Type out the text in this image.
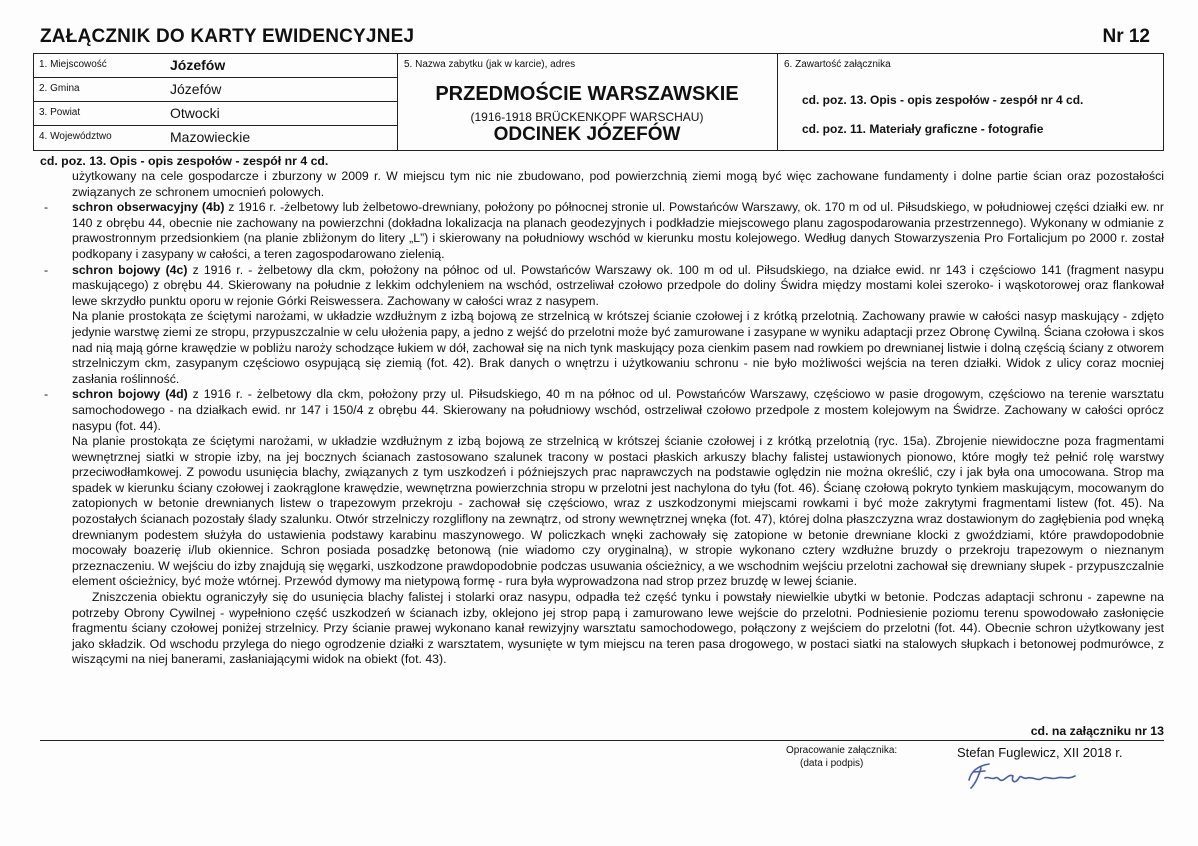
ZAŁĄCZNIK DO KARTY EWIDENCYJNEJ	Nr 12
1. Miejscowość	Józefów
2. Gmina	Józefów
3. Powiat	Otwocki
4. Województwo	Mazowieckie
5. Nazwa zabytku (jak w karcie), adres
PRZEDMOŚCIE WARSZAWSKIE
(1916-1918 BRÜCKENKOPF WARSCHAU)
ODCINEK JÓZEFÓW
6. Zawartość załącznika
cd. poz. 13. Opis - opis zespołów - zespół nr 4 cd.
cd. poz. 11. Materiały graficzne - fotografie
cd. poz. 13. Opis - opis zespołów - zespół nr 4 cd.

użytkowany na cele gospodarcze i zburzony w 2009 r. W miejscu tym nic nie zbudowano, pod powierzchnią ziemi mogą być więc zachowane fundamenty i dolne partie ścian oraz pozostałości związanych ze schronem umocnień polowych.

- schron obserwacyjny (4b) z 1916 r. -żelbetowy lub żelbetowo-drewniany, położony po północnej stronie ul. Powstańców Warszawy, ok. 170 m od ul. Piłsudskiego, w południowej części działki ew. nr 140 z obrębu 44, obecnie nie zachowany na powierzchni (dokładna lokalizacja na planach geodezyjnych i podkładzie miejscowego planu zagospodarowania przestrzennego). Wykonany w odmianie z prawostronnym przedsionkiem (na planie zbliżonym do litery „L”) i skierowany na południowy wschód w kierunku mostu kolejowego. Według danych Stowarzyszenia Pro Fortalicjum po 2000 r. został podkopany i zasypany w całości, a teren zagospodarowano zielenią.

- schron bojowy (4c) z 1916 r. - żelbetowy dla ckm, położony na północ od ul. Powstańców Warszawy ok. 100 m od ul. Piłsudskiego, na działce ewid. nr 143 i częściowo 141 (fragment nasypu maskującego) z obrębu 44. Skierowany na południe z lekkim odchyleniem na wschód, ostrzeliwał czołowo przedpole do doliny Świdra między mostami kolei szeroko- i wąskotorowej oraz flankował lewe skrzydło punktu oporu w rejonie Górki Reiswessera. Zachowany w całości wraz z nasypem.

Na planie prostokąta ze ściętymi narożami, w układzie wzdłużnym z izbą bojową ze strzelnicą w krótszej ścianie czołowej i z krótką przelotnią. Zachowany prawie w całości nasyp maskujący - zdjęto jedynie warstwę ziemi ze stropu, przypuszczalnie w celu ułożenia papy, a jedno z wejść do przelotni może być zamurowane i zasypane w wyniku adaptacji przez Obronę Cywilną. Ściana czołowa i skos nad nią mają górne krawędzie w pobliżu naroży schodzące łukiem w dół, zachował się na nich tynk maskujący poza cienkim pasem nad rowkiem po drewnianej listwie i dolną częścią ściany z otworem strzelniczym ckm, zasypanym częściowo osypującą się ziemią (fot. 42). Brak danych o wnętrzu i użytkowaniu schronu - nie było możliwości wejścia na teren działki. Widok z ulicy coraz mocniej zasłania roślinność.

- schron bojowy (4d) z 1916 r. - żelbetowy dla ckm, położony przy ul. Piłsudskiego, 40 m na północ od ul. Powstańców Warszawy, częściowo w pasie drogowym, częściowo na terenie warsztatu samochodowego - na działkach ewid. nr 147 i 150/4 z obrębu 44. Skierowany na południowy wschód, ostrzeliwał czołowo przedpole z mostem kolejowym na Świdrze. Zachowany w całości oprócz nasypu (fot. 44).

Na planie prostokąta ze ściętymi narożami, w układzie wzdłużnym z izbą bojową ze strzelnicą w krótszej ścianie czołowej i z krótką przelotnią (ryc. 15a). Zbrojenie niewidoczne poza fragmentami wewnętrznej siatki w stropie izby, na jej bocznych ścianach zastosowano szalunek tracony w postaci płaskich arkuszy blachy falistej ustawionych pionowo, które mogły też pełnić rolę warstwy przeciwodłamkowej. Z powodu usunięcia blachy, związanych z tym uszkodzeń i późniejszych prac naprawczych na podstawie oględzin nie można określić, czy i jak była ona umocowana. Strop ma spadek w kierunku ściany czołowej i zaokrąglone krawędzie, wewnętrzna powierzchnia stropu w przelotni jest nachylona do tyłu (fot. 46). Ścianę czołową pokryto tynkiem maskującym, mocowanym do zatopionych w betonie drewnianych listew o trapezowym przekroju - zachował się częściowo, wraz z uszkodzonymi miejscami rowkami i być może zakrytymi fragmentami listew (fot. 45). Na pozostałych ścianach pozostały ślady szalunku. Otwór strzelniczy rozgliflony na zewnątrz, od strony wewnętrznej wnęka (fot. 47), której dolna płaszczyzna wraz dostawionym do zagłębienia pod wnęką drewnianym podestem służyła do ustawienia podstawy karabinu maszynowego. W policzkach wnęki zachowały się zatopione w betonie drewniane klocki z gwoździami, które prawdopodobnie mocowały boazerię i/lub okiennice. Schron posiada posadzkę betonową (nie wiadomo czy oryginalną), w stropie wykonano cztery wzdłużne bruzdy o przekroju trapezowym o nieznanym przeznaczeniu. W wejściu do izby znajdują się węgarki, uszkodzone prawdopodobnie podczas usuwania ościeżnicy, a we wschodnim wejściu przelotni zachował się drewniany słupek - przypuszczalnie element ościeżnicy, być może wtórnej. Przewód dymowy ma nietypową formę - rura była wyprowadzona nad strop przez bruzdę w lewej ścianie.

Zniszczenia obiektu ograniczyły się do usunięcia blachy falistej i stolarki oraz nasypu, odpadła też część tynku i powstały niewielkie ubytki w betonie. Podczas adaptacji schronu - zapewne na potrzeby Obrony Cywilnej - wypełniono część uszkodzeń w ścianach izby, oklejono jej strop papą i zamurowano lewe wejście do przelotni. Podniesienie poziomu terenu spowodowało zasłonięcie fragmentu ściany czołowej poniżej strzelnicy. Przy ścianie prawej wykonano kanał rewizyjny warsztatu samochodowego, połączony z wejściem do przelotni (fot. 44). Obecnie schron użytkowany jest jako składzik. Od wschodu przylega do niego ogrodzenie działki z warsztatem, wysunięte w tym miejscu na teren pasa drogowego, w postaci siatki na stalowych słupkach i betonowej podmurówce, z wiszącymi na niej banerami, zasłaniającymi widok na obiekt (fot. 43).

cd. na załączniku nr 13
Opracowanie załącznika:
(data i podpis)
Stefan Fuglewicz, XII 2018 r.
